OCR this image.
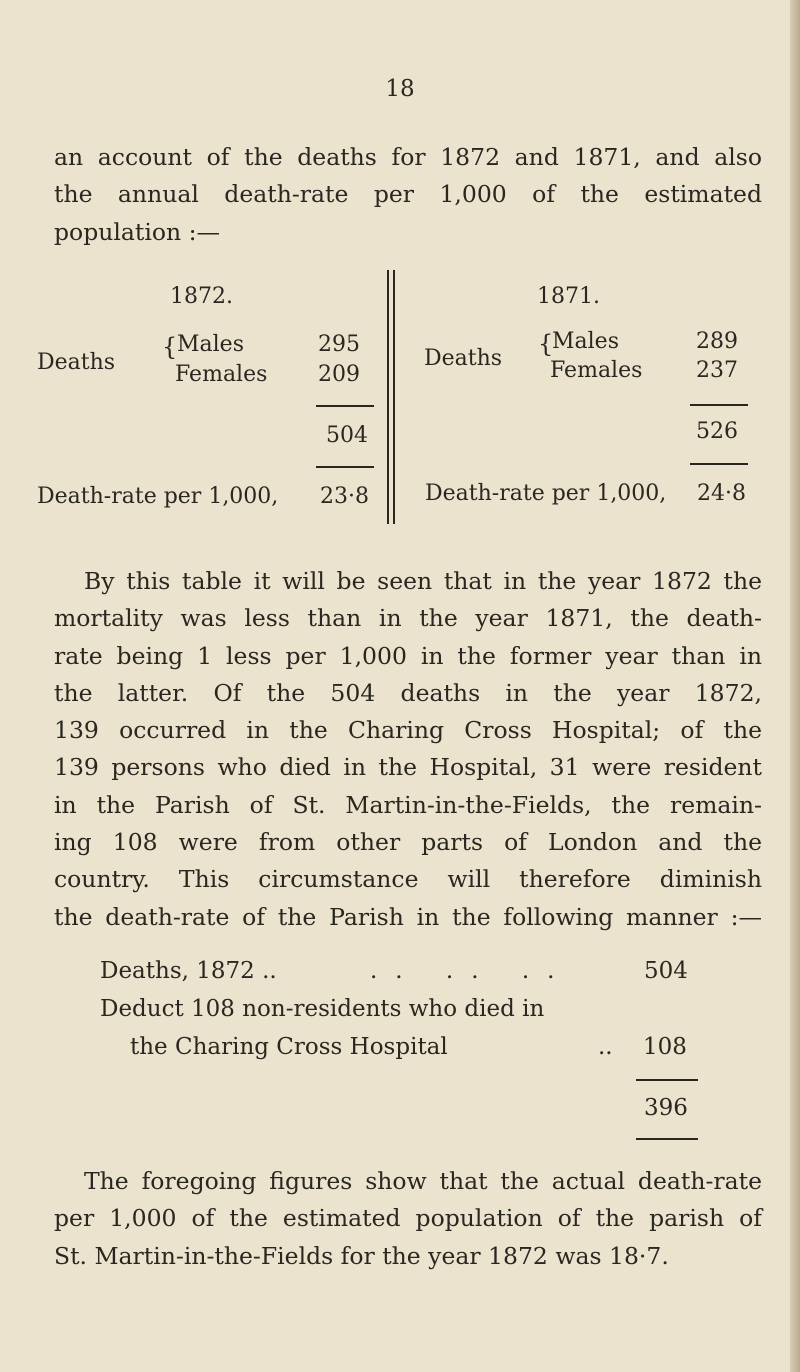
18
an account of the deaths for 1872 and 1871, and also
the annual death-rate per 1,000 of the estimated
population :—
1872.
Deaths
{ Males	295
Females 209
504
Death-rate per 1,000, 23·8
1871.
Deaths
{
Males	289
Females 237
526
Death-rate per 1,000, 24·8
By this table it will be seen that in the year 1872 the
mortality was less than in the year 1871, the death-
rate being 1 less per 1,000 in the former year than in
the latter. Of the 504 deaths in the year 1872,
139 occurred in the Charing Cross Hospital; of the
139 persons who died in the Hospital, 31 were resident
in the Parish of St. Martin-in-the-Fields, the remain-
ing 108 were from other parts of London and the
country. This circumstance will therefore diminish
the death-rate of the Parish in the following manner :—
Deaths, 1872 ..	.. .. ..	504
Deduct 108 non-residents who died in
the Charing Cross Hospital	.. 108
396
The foregoing figures show that the actual death-rate
per 1,000 of the estimated population of the parish of
St. Martin-in-the-Fields for the year 1872 was 18·7.
